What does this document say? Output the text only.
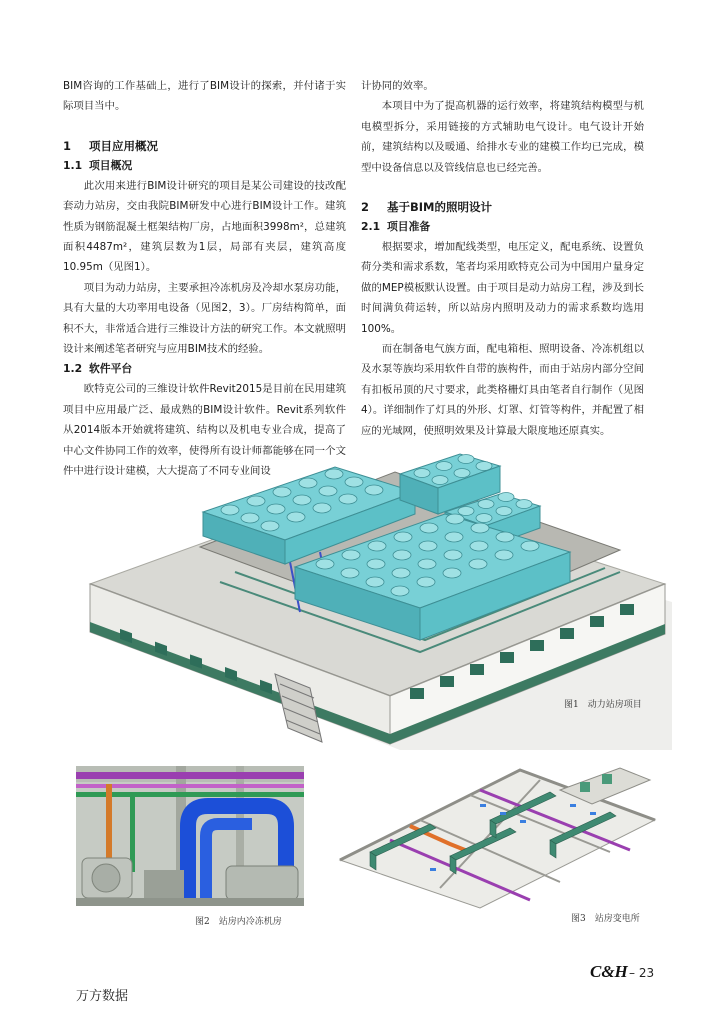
BIM咨询的工作基础上，进行了BIM设计的探索，并付诸于实际项目当中。

1 项目应用概况
1.1 项目概况

此次用来进行BIM设计研究的项目是某公司建设的技改配套动力站房，交由我院BIM研发中心进行BIM设计工作。建筑性质为钢筋混凝土框架结构厂房，占地面积3998m²，总建筑面积4487m²，建筑层数为1层，局部有夹层，建筑高度10.95m（见图1）。

项目为动力站房，主要承担冷冻机房及冷却水泵房功能，具有大量的大功率用电设备（见图2，3）。厂房结构简单，面积不大，非常适合进行三维设计方法的研究工作。本文就照明设计来阐述笔者研究与应用BIM技术的经验。

1.2 软件平台

欧特克公司的三维设计软件Revit2015是目前在民用建筑项目中应用最广泛、最成熟的BIM设计软件。Revit系列软件从2014版本开始就将建筑、结构以及机电专业合成，提高了中心文件协同工作的效率，使得所有设计师都能够在同一个文件中进行设计建模，大大提高了不同专业间设

计协同的效率。

本项目中为了提高机器的运行效率，将建筑结构模型与机电模型拆分，采用链接的方式辅助电气设计。电气设计开始前，建筑结构以及暖通、给排水专业的建模工作均已完成，模型中设备信息以及管线信息也已经完善。

2 基于BIM的照明设计
2.1 项目准备

根据要求，增加配线类型，电压定义，配电系统、设置负荷分类和需求系数，笔者均采用欧特克公司为中国用户量身定做的MEP模板默认设置。由于项目是动力站房工程，涉及到长时间满负荷运转，所以站房内照明及动力的需求系数均选用100%。

而在制备电气族方面，配电箱柜、照明设备、冷冻机组以及水泵等族均采用软件自带的族构件，而由于站房内部分空间有扣板吊顶的尺寸要求，此类格栅灯具由笔者自行制作（见图4）。详细制作了灯具的外形、灯罩、灯管等构件，并配置了相应的光域网，使照明效果及计算最大限度地还原真实。

图1　动力站房项目
图2　站房内冷冻机房	图3　站房变电所
C&H – 23
万方数据
